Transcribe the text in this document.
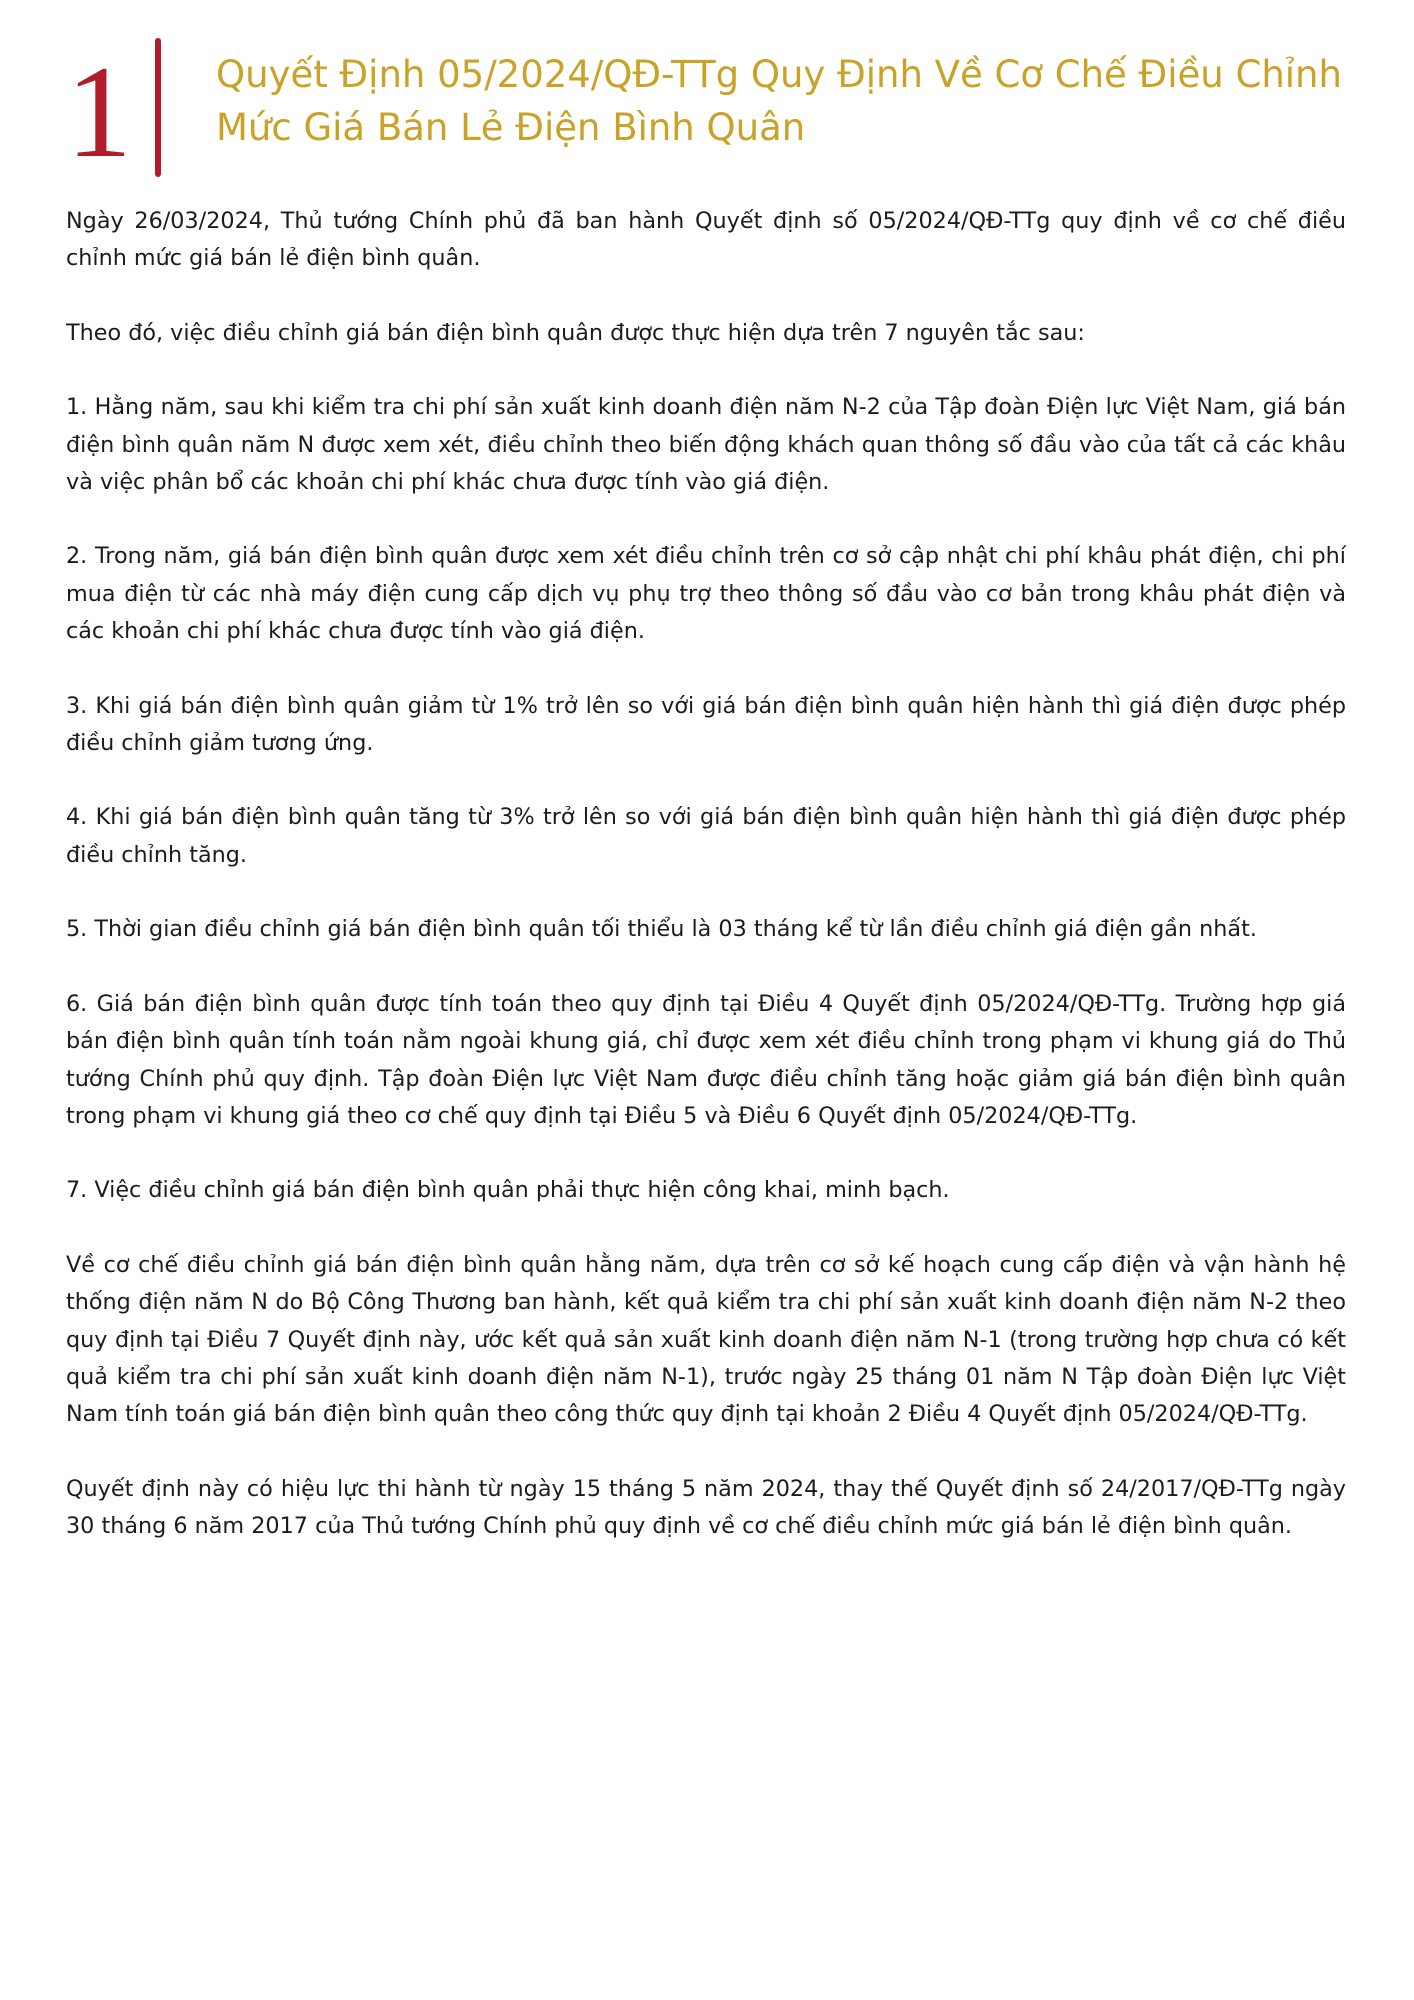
1 Quyết Định 05/2024/QĐ-TTg Quy Định Về Cơ Chế Điều Chỉnh Mức Giá Bán Lẻ Điện Bình Quân

Ngày 26/03/2024, Thủ tướng Chính phủ đã ban hành Quyết định số 05/2024/QĐ-TTg quy định về cơ chế điều chỉnh mức giá bán lẻ điện bình quân.

Theo đó, việc điều chỉnh giá bán điện bình quân được thực hiện dựa trên 7 nguyên tắc sau:

1. Hằng năm, sau khi kiểm tra chi phí sản xuất kinh doanh điện năm N-2 của Tập đoàn Điện lực Việt Nam, giá bán điện bình quân năm N được xem xét, điều chỉnh theo biến động khách quan thông số đầu vào của tất cả các khâu và việc phân bổ các khoản chi phí khác chưa được tính vào giá điện.

2. Trong năm, giá bán điện bình quân được xem xét điều chỉnh trên cơ sở cập nhật chi phí khâu phát điện, chi phí mua điện từ các nhà máy điện cung cấp dịch vụ phụ trợ theo thông số đầu vào cơ bản trong khâu phát điện và các khoản chi phí khác chưa được tính vào giá điện.

3. Khi giá bán điện bình quân giảm từ 1% trở lên so với giá bán điện bình quân hiện hành thì giá điện được phép điều chỉnh giảm tương ứng.

4. Khi giá bán điện bình quân tăng từ 3% trở lên so với giá bán điện bình quân hiện hành thì giá điện được phép điều chỉnh tăng.

5. Thời gian điều chỉnh giá bán điện bình quân tối thiểu là 03 tháng kể từ lần điều chỉnh giá điện gần nhất.

6. Giá bán điện bình quân được tính toán theo quy định tại Điều 4 Quyết định 05/2024/QĐ-TTg. Trường hợp giá bán điện bình quân tính toán nằm ngoài khung giá, chỉ được xem xét điều chỉnh trong phạm vi khung giá do Thủ tướng Chính phủ quy định. Tập đoàn Điện lực Việt Nam được điều chỉnh tăng hoặc giảm giá bán điện bình quân trong phạm vi khung giá theo cơ chế quy định tại Điều 5 và Điều 6 Quyết định 05/2024/QĐ-TTg.

7. Việc điều chỉnh giá bán điện bình quân phải thực hiện công khai, minh bạch.

Về cơ chế điều chỉnh giá bán điện bình quân hằng năm, dựa trên cơ sở kế hoạch cung cấp điện và vận hành hệ thống điện năm N do Bộ Công Thương ban hành, kết quả kiểm tra chi phí sản xuất kinh doanh điện năm N-2 theo quy định tại Điều 7 Quyết định này, ước kết quả sản xuất kinh doanh điện năm N-1 (trong trường hợp chưa có kết quả kiểm tra chi phí sản xuất kinh doanh điện năm N-1), trước ngày 25 tháng 01 năm N Tập đoàn Điện lực Việt Nam tính toán giá bán điện bình quân theo công thức quy định tại khoản 2 Điều 4 Quyết định 05/2024/QĐ-TTg.

Quyết định này có hiệu lực thi hành từ ngày 15 tháng 5 năm 2024, thay thế Quyết định số 24/2017/QĐ-TTg ngày 30 tháng 6 năm 2017 của Thủ tướng Chính phủ quy định về cơ chế điều chỉnh mức giá bán lẻ điện bình quân.
